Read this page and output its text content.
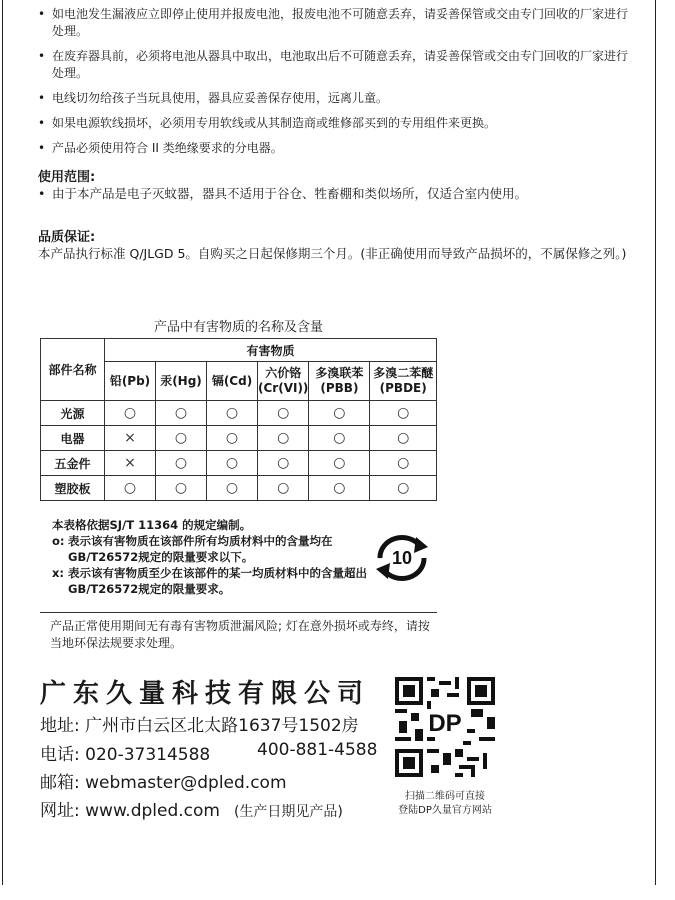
• 如电池发生漏液应立即停止使用并报废电池，报废电池不可随意丢弃，请妥善保管或交由专门回收的厂家进行处理。
• 在废弃器具前，必须将电池从器具中取出，电池取出后不可随意丢弃，请妥善保管或交由专门回收的厂家进行处理。
• 电线切勿给孩子当玩具使用，器具应妥善保存使用，远离儿童。
• 如果电源软线损坏，必须用专用软线或从其制造商或维修部买到的专用组件来更换。
• 产品必须使用符合 II 类绝缘要求的分电器。
使用范围:
• 由于本产品是电子灭蚊器，器具不适用于谷仓、牲畜棚和类似场所，仅适合室内使用。
品质保证:
本产品执行标准 Q/JLGD 5。自购买之日起保修期三个月。(非正确使用而导致产品损坏的，不属保修之列。)
产品中有害物质的名称及含量
部件名称	有害物质					
	铅(Pb)	汞(Hg)	镉(Cd)	六价铬 (Cr(VI))	多溴联苯 (PBB)	多溴二苯醚 (PBDE)
光源	○	○	○	○	○	○
电器	×	○	○	○	○	○
五金件	×	○	○	○	○	○
塑胶板	○	○	○	○	○	○
本表格依据SJ/T 11364 的规定编制。
o: 表示该有害物质在该部件所有均质材料中的含量均在GB/T26572规定的限量要求以下。
x: 表示该有害物质至少在该部件的某一均质材料中的含量超出GB/T26572规定的限量要求。
10
产品正常使用期间无有毒有害物质泄漏风险; 灯在意外损坏或寿终，请按当地环保法规要求处理。
广东久量科技有限公司
地址: 广州市白云区北太路1637号1502房
电话: 020-37314588	400-881-4588
邮箱: webmaster@dpled.com
网址: www.dpled.com (生产日期见产品)
DP
扫描二维码可直接
登陆DP久量官方网站
